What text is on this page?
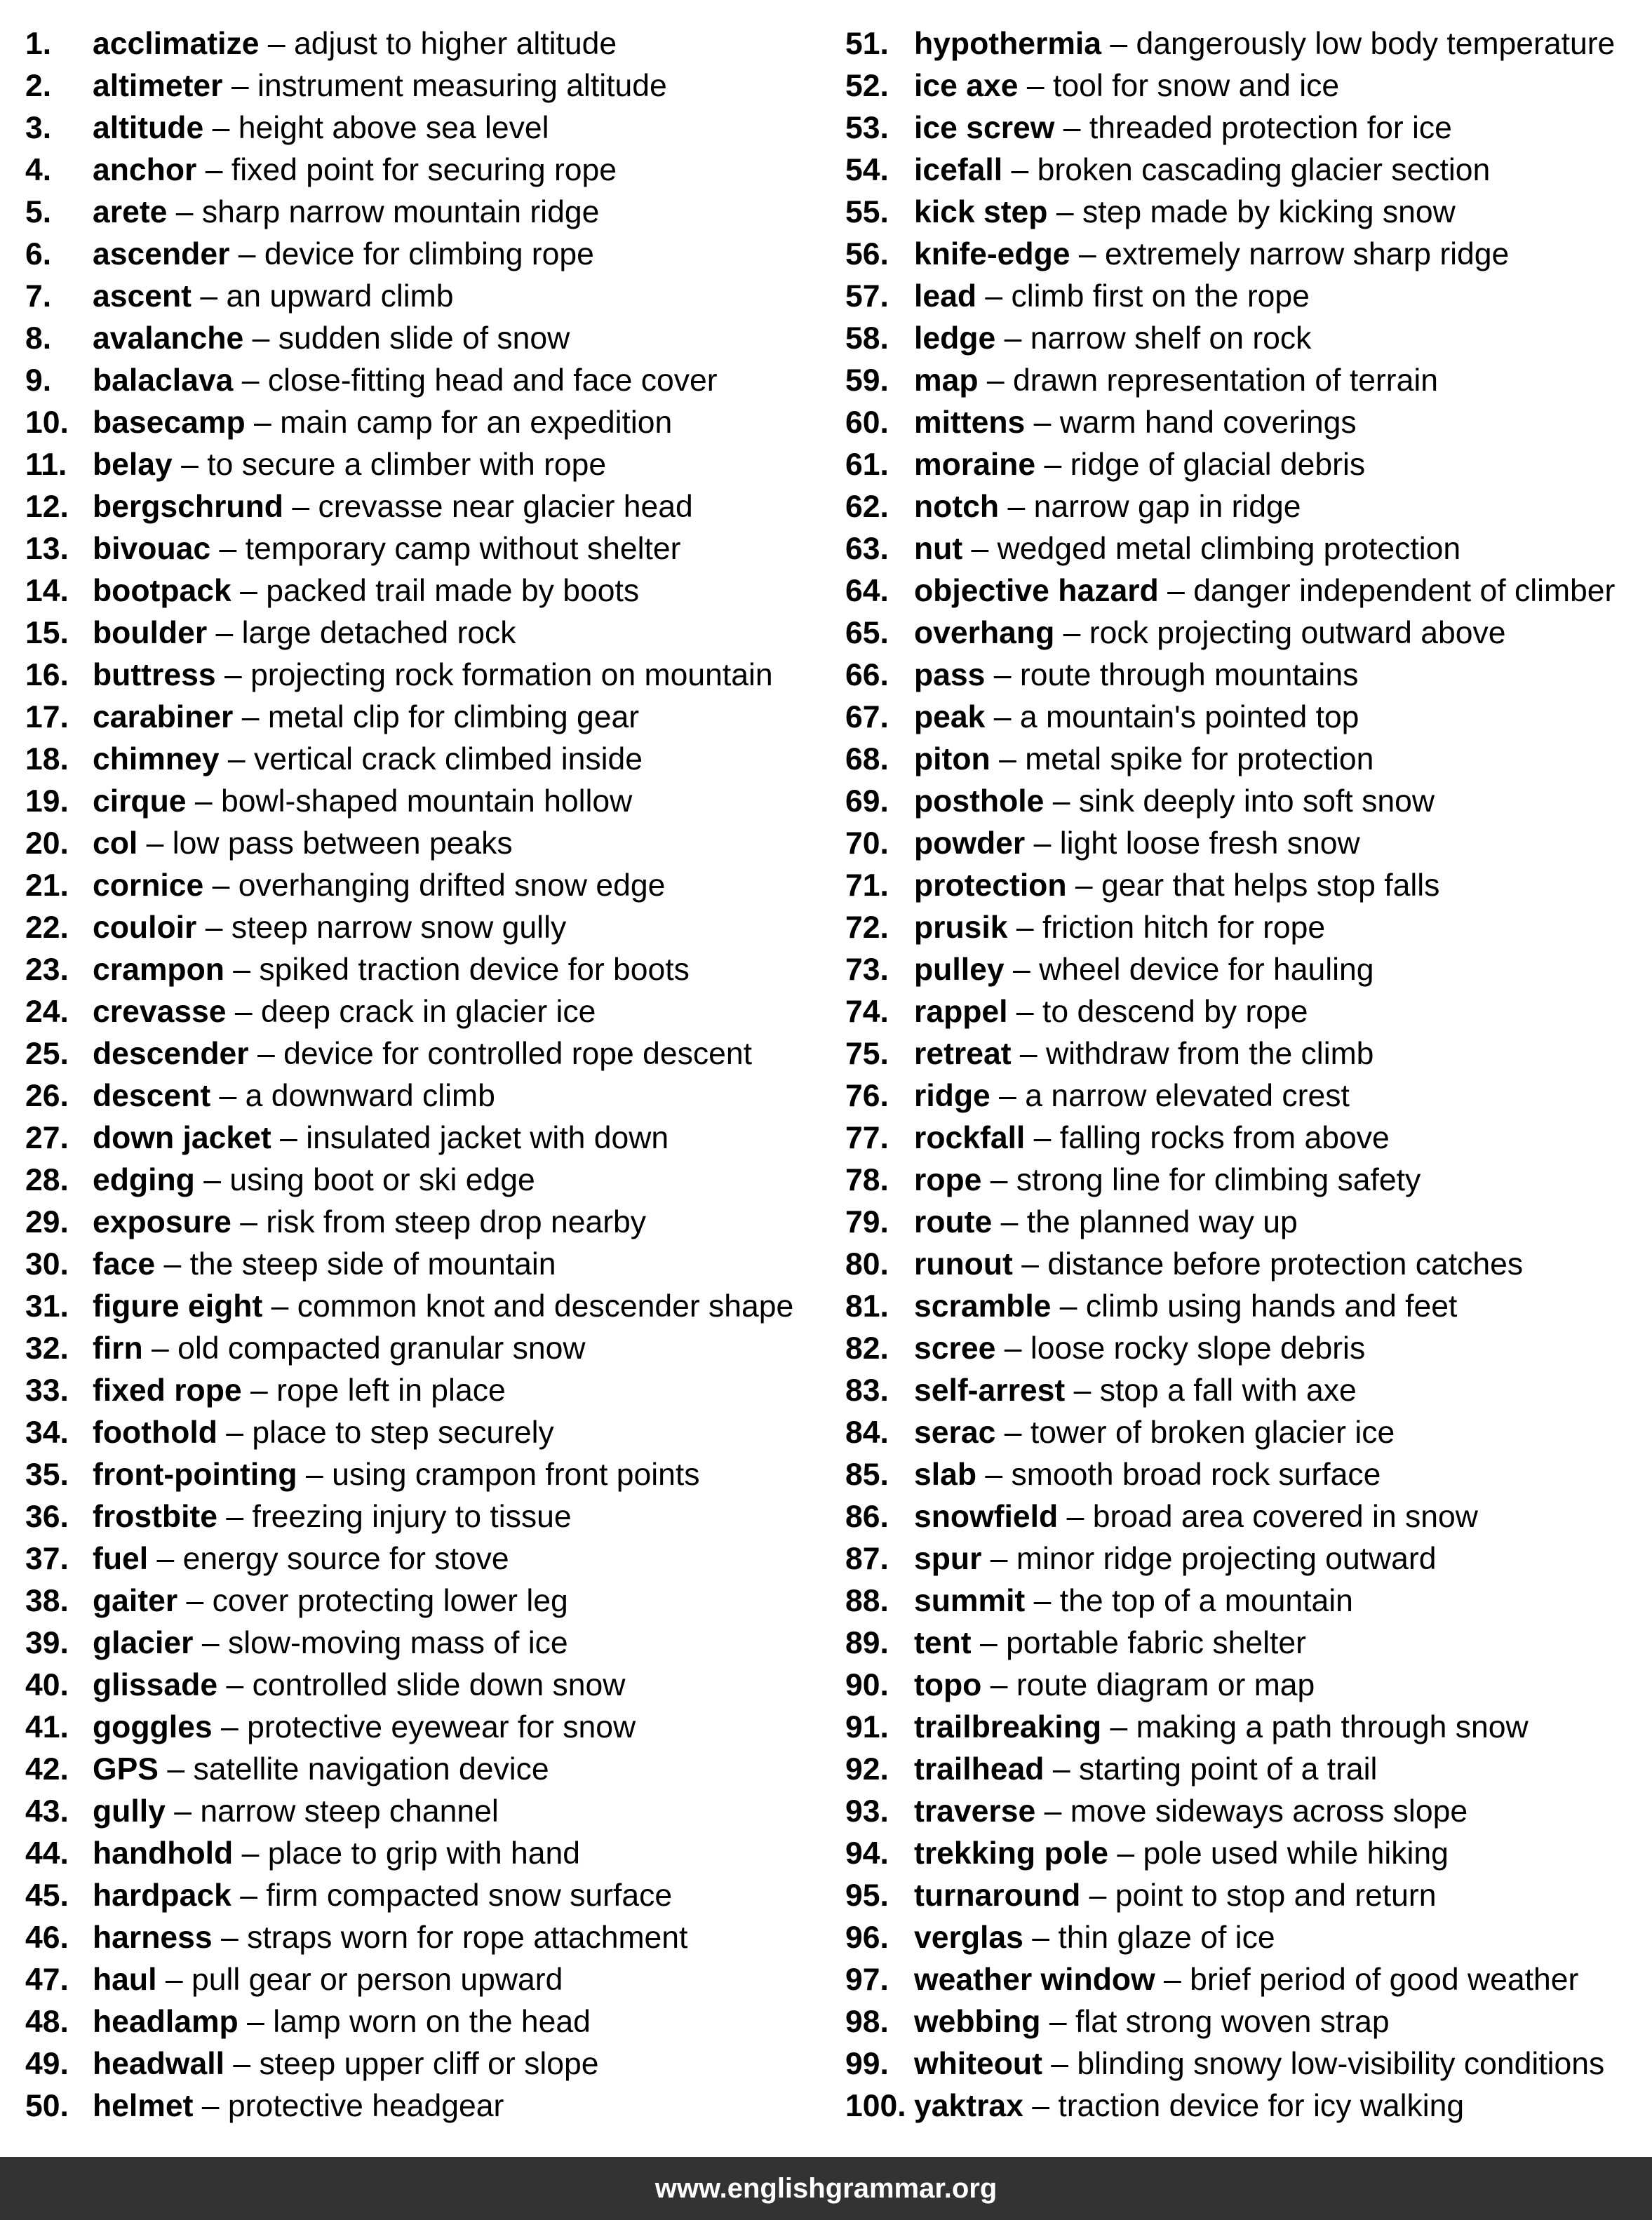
1.	acclimatize – adjust to higher altitude
2.	altimeter – instrument measuring altitude
3.	altitude – height above sea level
4.	anchor – fixed point for securing rope
5.	arete – sharp narrow mountain ridge
6.	ascender – device for climbing rope
7.	ascent – an upward climb
8.	avalanche – sudden slide of snow
9.	balaclava – close-fitting head and face cover
10. basecamp – main camp for an expedition
11. belay – to secure a climber with rope
12. bergschrund – crevasse near glacier head
13. bivouac – temporary camp without shelter
14. bootpack – packed trail made by boots
15. boulder – large detached rock
16. buttress – projecting rock formation on mountain
17. carabiner – metal clip for climbing gear
18. chimney – vertical crack climbed inside
19. cirque – bowl-shaped mountain hollow
20. col – low pass between peaks
21. cornice – overhanging drifted snow edge
22. couloir – steep narrow snow gully
23. crampon – spiked traction device for boots
24. crevasse – deep crack in glacier ice
25. descender – device for controlled rope descent
26. descent – a downward climb
27. down jacket – insulated jacket with down
28. edging – using boot or ski edge
29. exposure – risk from steep drop nearby
30. face – the steep side of mountain
31. figure eight – common knot and descender shape
32. firn – old compacted granular snow
33. fixed rope – rope left in place
34. foothold – place to step securely
35. front-pointing – using crampon front points
36. frostbite – freezing injury to tissue
37. fuel – energy source for stove
38. gaiter – cover protecting lower leg
39. glacier – slow-moving mass of ice
40. glissade – controlled slide down snow
41. goggles – protective eyewear for snow
42. GPS – satellite navigation device
43. gully – narrow steep channel
44. handhold – place to grip with hand
45. hardpack – firm compacted snow surface
46. harness – straps worn for rope attachment
47. haul – pull gear or person upward
48. headlamp – lamp worn on the head
49. headwall – steep upper cliff or slope
50. helmet – protective headgear
51. hypothermia – dangerously low body temperature
52. ice axe – tool for snow and ice
53. ice screw – threaded protection for ice
54. icefall – broken cascading glacier section
55. kick step – step made by kicking snow
56. knife-edge – extremely narrow sharp ridge
57. lead – climb first on the rope
58. ledge – narrow shelf on rock
59. map – drawn representation of terrain
60. mittens – warm hand coverings
61. moraine – ridge of glacial debris
62. notch – narrow gap in ridge
63. nut – wedged metal climbing protection
64. objective hazard – danger independent of climber
65. overhang – rock projecting outward above
66. pass – route through mountains
67. peak – a mountain's pointed top
68. piton – metal spike for protection
69. posthole – sink deeply into soft snow
70. powder – light loose fresh snow
71. protection – gear that helps stop falls
72. prusik – friction hitch for rope
73. pulley – wheel device for hauling
74. rappel – to descend by rope
75. retreat – withdraw from the climb
76. ridge – a narrow elevated crest
77. rockfall – falling rocks from above
78. rope – strong line for climbing safety
79. route – the planned way up
80. runout – distance before protection catches
81. scramble – climb using hands and feet
82. scree – loose rocky slope debris
83. self-arrest – stop a fall with axe
84. serac – tower of broken glacier ice
85. slab – smooth broad rock surface
86. snowfield – broad area covered in snow
87. spur – minor ridge projecting outward
88. summit – the top of a mountain
89. tent – portable fabric shelter
90. topo – route diagram or map
91. trailbreaking – making a path through snow
92. trailhead – starting point of a trail
93. traverse – move sideways across slope
94. trekking pole – pole used while hiking
95. turnaround – point to stop and return
96. verglas – thin glaze of ice
97. weather window – brief period of good weather
98. webbing – flat strong woven strap
99. whiteout – blinding snowy low-visibility conditions
100. yaktrax – traction device for icy walking
www.englishgrammar.org
